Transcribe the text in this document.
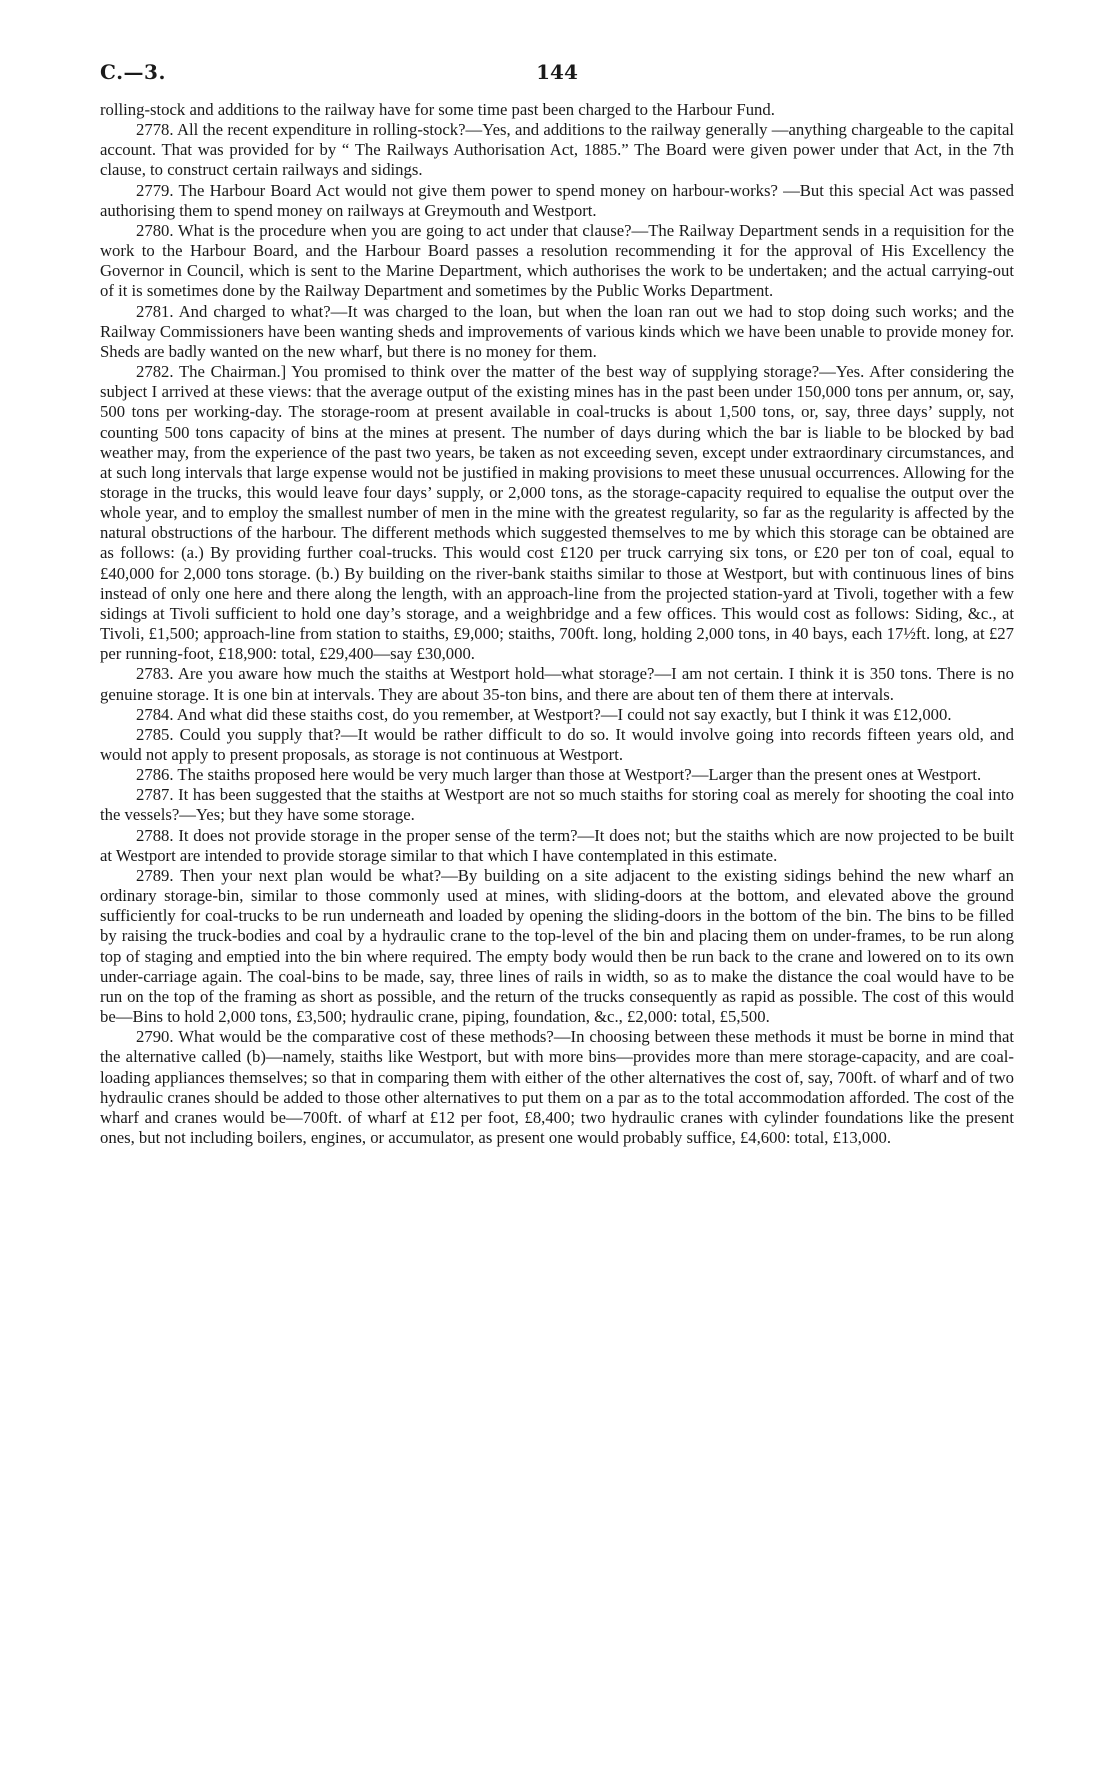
C.—3.	144

rolling-stock and additions to the railway have for some time past been charged to the Harbour Fund.

2778. All the recent expenditure in rolling-stock?—Yes, and additions to the railway generally —anything chargeable to the capital account. That was provided for by “ The Railways Authorisation Act, 1885.” The Board were given power under that Act, in the 7th clause, to construct certain railways and sidings.

2779. The Harbour Board Act would not give them power to spend money on harbour-works? —But this special Act was passed authorising them to spend money on railways at Greymouth and Westport.

2780. What is the procedure when you are going to act under that clause?—The Railway Department sends in a requisition for the work to the Harbour Board, and the Harbour Board passes a resolution recommending it for the approval of His Excellency the Governor in Council, which is sent to the Marine Department, which authorises the work to be undertaken; and the actual carrying-out of it is sometimes done by the Railway Department and sometimes by the Public Works Department.

2781. And charged to what?—It was charged to the loan, but when the loan ran out we had to stop doing such works; and the Railway Commissioners have been wanting sheds and improvements of various kinds which we have been unable to provide money for. Sheds are badly wanted on the new wharf, but there is no money for them.

2782. The Chairman.] You promised to think over the matter of the best way of supplying storage?—Yes. After considering the subject I arrived at these views: that the average output of the existing mines has in the past been under 150,000 tons per annum, or, say, 500 tons per working-day. The storage-room at present available in coal-trucks is about 1,500 tons, or, say, three days’ supply, not counting 500 tons capacity of bins at the mines at present. The number of days during which the bar is liable to be blocked by bad weather may, from the experience of the past two years, be taken as not exceeding seven, except under extraordinary circumstances, and at such long intervals that large expense would not be justified in making provisions to meet these unusual occurrences. Allowing for the storage in the trucks, this would leave four days’ supply, or 2,000 tons, as the storage-capacity required to equalise the output over the whole year, and to employ the smallest number of men in the mine with the greatest regularity, so far as the regularity is affected by the natural obstructions of the harbour. The different methods which suggested themselves to me by which this storage can be obtained are as follows: (a.) By providing further coal-trucks. This would cost £120 per truck carrying six tons, or £20 per ton of coal, equal to £40,000 for 2,000 tons storage. (b.) By building on the river-bank staiths similar to those at Westport, but with continuous lines of bins instead of only one here and there along the length, with an approach-line from the projected station-yard at Tivoli, together with a few sidings at Tivoli sufficient to hold one day’s storage, and a weighbridge and a few offices. This would cost as follows: Siding, &c., at Tivoli, £1,500; approach-line from station to staiths, £9,000; staiths, 700ft. long, holding 2,000 tons, in 40 bays, each 17½ft. long, at £27 per running-foot, £18,900: total, £29,400—say £30,000.

2783. Are you aware how much the staiths at Westport hold—what storage?—I am not certain. I think it is 350 tons. There is no genuine storage. It is one bin at intervals. They are about 35-ton bins, and there are about ten of them there at intervals.

2784. And what did these staiths cost, do you remember, at Westport?—I could not say exactly, but I think it was £12,000.

2785. Could you supply that?—It would be rather difficult to do so. It would involve going into records fifteen years old, and would not apply to present proposals, as storage is not continuous at Westport.

2786. The staiths proposed here would be very much larger than those at Westport?—Larger than the present ones at Westport.

2787. It has been suggested that the staiths at Westport are not so much staiths for storing coal as merely for shooting the coal into the vessels?—Yes; but they have some storage.

2788. It does not provide storage in the proper sense of the term?—It does not; but the staiths which are now projected to be built at Westport are intended to provide storage similar to that which I have contemplated in this estimate.

2789. Then your next plan would be what?—By building on a site adjacent to the existing sidings behind the new wharf an ordinary storage-bin, similar to those commonly used at mines, with sliding-doors at the bottom, and elevated above the ground sufficiently for coal-trucks to be run underneath and loaded by opening the sliding-doors in the bottom of the bin. The bins to be filled by raising the truck-bodies and coal by a hydraulic crane to the top-level of the bin and placing them on under-frames, to be run along top of staging and emptied into the bin where required. The empty body would then be run back to the crane and lowered on to its own under-carriage again. The coal-bins to be made, say, three lines of rails in width, so as to make the distance the coal would have to be run on the top of the framing as short as possible, and the return of the trucks consequently as rapid as possible. The cost of this would be—Bins to hold 2,000 tons, £3,500; hydraulic crane, piping, foundation, &c., £2,000: total, £5,500.

2790. What would be the comparative cost of these methods?—In choosing between these methods it must be borne in mind that the alternative called (b)—namely, staiths like Westport, but with more bins—provides more than mere storage-capacity, and are coal-loading appliances themselves; so that in comparing them with either of the other alternatives the cost of, say, 700ft. of wharf and of two hydraulic cranes should be added to those other alternatives to put them on a par as to the total accommodation afforded. The cost of the wharf and cranes would be—700ft. of wharf at £12 per foot, £8,400; two hydraulic cranes with cylinder foundations like the present ones, but not including boilers, engines, or accumulator, as present one would probably suffice, £4,600: total, £13,000.
